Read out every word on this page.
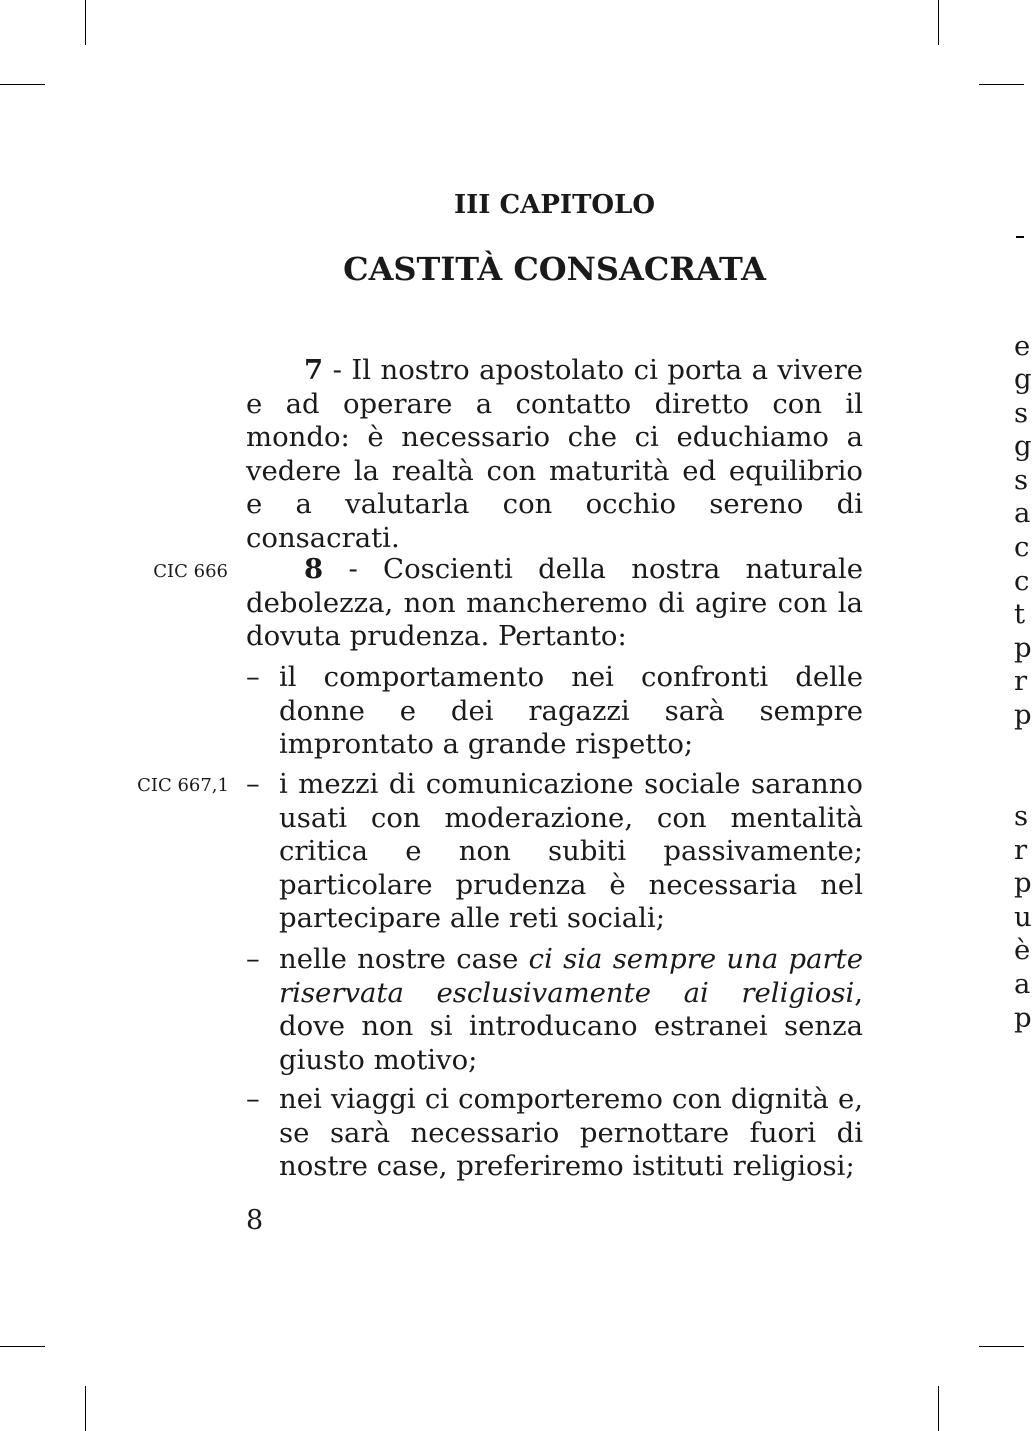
III CAPITOLO
CASTITÀ CONSACRATA
7 - Il nostro apostolato ci porta a vivere e ad operare a contatto diretto con il mondo: è necessario che ci educhiamo a vedere la realtà con maturità ed equilibrio e a valutarla con occhio sereno di consacrati.
CIC 666	8 - Coscienti della nostra naturale debolezza, non mancheremo di agire con la dovuta prudenza. Pertanto:
– il comportamento nei confronti delle donne e dei ragazzi sarà sempre improntato a grande rispetto;
CIC 667,1 – i mezzi di comunicazione sociale saranno usati con moderazione, con mentalità critica e non subiti passivamente; particolare prudenza è necessaria nel partecipare alle reti sociali;
– nelle nostre case ci sia sempre una parte riservata esclusivamente ai religiosi, dove non si introducano estranei senza giusto motivo;
– nei viaggi ci comporteremo con dignità e, se sarà necessario pernottare fuori di nostre case, preferiremo istituti religiosi;
8
e
g
s
g
s
a
c
c
t
p
r
p
s
r
p
u
è
a
p
